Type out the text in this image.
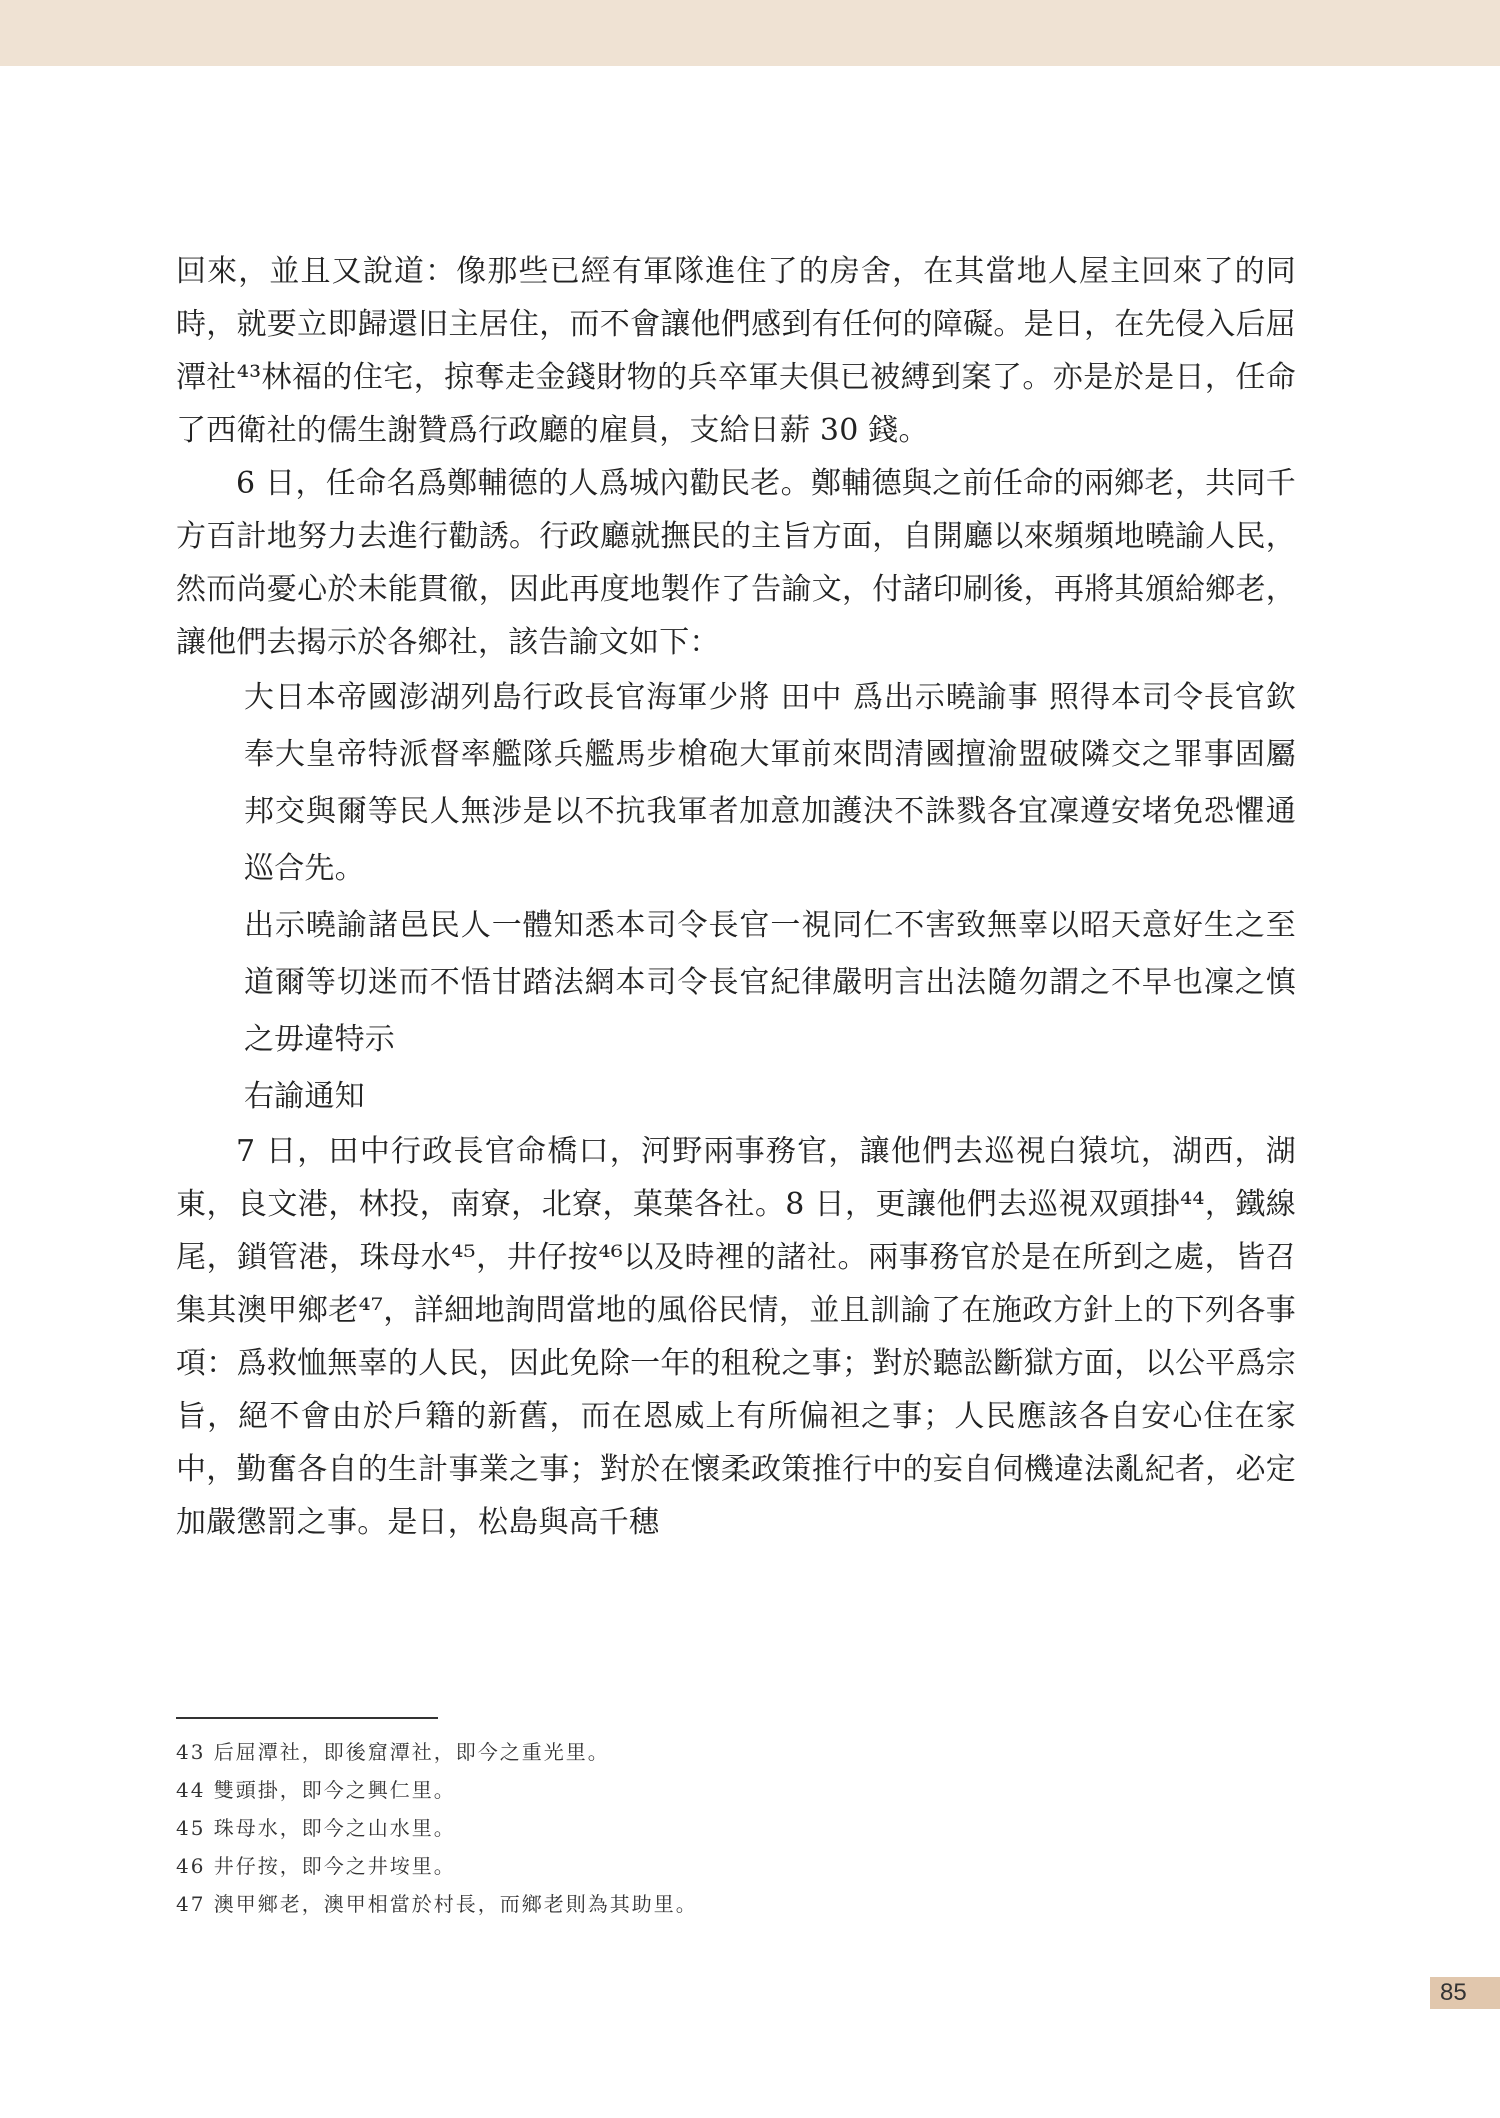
回來，並且又說道：像那些已經有軍隊進住了的房舍，在其當地人屋主回來了的同時，就要立即歸還旧主居住，而不會讓他們感到有任何的障礙。是日，在先侵入后屈潭社⁴³林福的住宅，掠奪走金錢財物的兵卒軍夫俱已被縛到案了。亦是於是日，任命了西衛社的儒生謝贊爲行政廳的雇員，支給日薪 30 錢。

6 日，任命名爲鄭輔德的人爲城內勸民老。鄭輔德與之前任命的兩鄉老，共同千方百計地努力去進行勸誘。行政廳就撫民的主旨方面，自開廳以來頻頻地曉諭人民，然而尚憂心於未能貫徹，因此再度地製作了告諭文，付諸印刷後，再將其頒給鄉老，讓他們去揭示於各鄉社，該告諭文如下：

大日本帝國澎湖列島行政長官海軍少將 田中 爲出示曉諭事 照得本司令長官欽奉大皇帝特派督率艦隊兵艦馬步槍砲大軍前來問清國擅渝盟破隣交之罪事固屬邦交與爾等民人無涉是以不抗我軍者加意加護決不誅戮各宜凜遵安堵免恐懼通巡合先。

出示曉諭諸邑民人一體知悉本司令長官一視同仁不害致無辜以昭天意好生之至道爾等切迷而不悟甘踏法網本司令長官紀律嚴明言出法隨勿謂之不早也凜之慎之毋違特示

右諭通知

7 日，田中行政長官命橋口，河野兩事務官，讓他們去巡視白猿坑，湖西，湖東，良文港，林投，南寮，北寮，菓葉各社。8 日，更讓他們去巡視双頭掛⁴⁴，鐵線尾，鎖管港，珠母水⁴⁵，井仔按⁴⁶以及時裡的諸社。兩事務官於是在所到之處，皆召集其澳甲鄉老⁴⁷，詳細地詢問當地的風俗民情，並且訓諭了在施政方針上的下列各事項：爲救恤無辜的人民，因此免除一年的租稅之事；對於聽訟斷獄方面，以公平爲宗旨，絕不會由於戶籍的新舊，而在恩威上有所偏袒之事；人民應該各自安心住在家中，勤奮各自的生計事業之事；對於在懷柔政策推行中的妄自伺機違法亂紀者，必定加嚴懲罰之事。是日，松島與高千穗

43 后屈潭社，即後窟潭社，即今之重光里。
44 雙頭掛，即今之興仁里。
45 珠母水，即今之山水里。
46 井仔按，即今之井垵里。
47 澳甲鄉老，澳甲相當於村長，而鄉老則為其助里。
85
